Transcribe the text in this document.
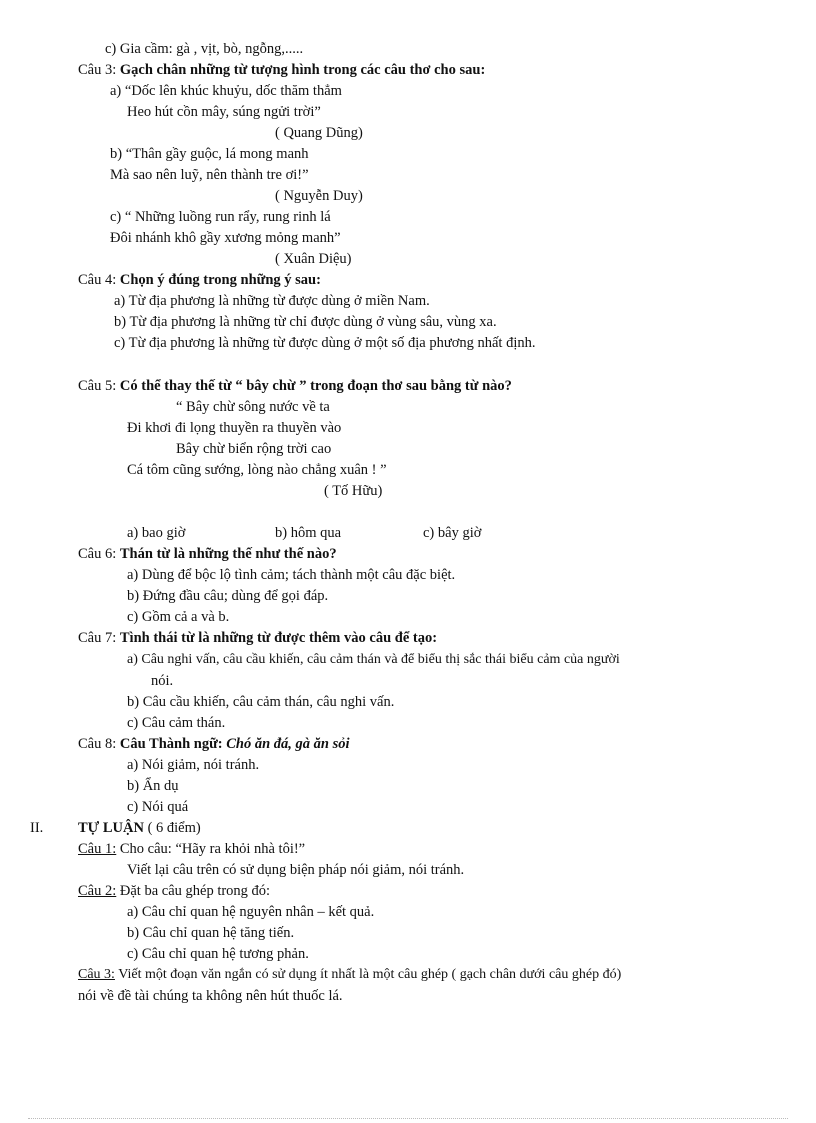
c) Gia cầm: gà , vịt, bò, ngỗng,.....
Câu 3: Gạch chân những từ tượng hình trong các câu thơ cho sau:
a) “Dốc lên khúc khuỷu, dốc thăm thẳm
Heo hút cồn mây, súng ngửi trời”
( Quang Dũng)
b) “Thân gầy guộc, lá mong manh
Mà sao nên luỹ, nên thành tre ơi!”
( Nguyễn Duy)
c) “ Những luồng run rẩy, rung rinh lá
Đôi nhánh khô gầy xương mỏng manh”
( Xuân Diệu)
Câu 4: Chọn ý đúng trong những ý sau:
a) Từ địa phương là những từ được dùng ở miền Nam.
b) Từ địa phương là những từ chỉ được dùng ở vùng sâu, vùng xa.
c) Từ địa phương là những từ được dùng ở một số địa phương nhất định.
Câu 5: Có thể thay thế từ “ bây chừ ” trong đoạn thơ sau bằng từ nào?
“ Bây chừ sông nước về ta
Đi khơi đi lọng thuyền ra thuyền vào
Bây chừ biển rộng trời cao
Cá tôm cũng sướng, lòng nào chẳng xuân ! ”
( Tố Hữu)
a) bao giờ	b) hôm qua	c) bây giờ
Câu 6: Thán từ là những thế như thế nào?
a) Dùng để bộc lộ tình cảm; tách thành một câu đặc biệt.
b) Đứng đầu câu; dùng để gọi đáp.
c) Gồm cả a và b.
Câu 7: Tình thái từ là những từ được thêm vào câu để tạo:
a) Câu nghi vấn, câu cầu khiến, câu cảm thán và để biểu thị sắc thái biểu cảm của người
nói.
b) Câu cầu khiến, câu cảm thán, câu nghi vấn.
c) Câu cảm thán.
Câu 8: Câu Thành ngữ: Chó ăn đá, gà ăn sỏi
a) Nói giảm, nói tránh.
b) Ẩn dụ
c) Nói quá
II. TỰ LUẬN ( 6 điểm)
Câu 1: Cho câu: “Hãy ra khỏi nhà tôi!”
Viết lại câu trên có sử dụng biện pháp nói giảm, nói tránh.
Câu 2: Đặt ba câu ghép trong đó:
a) Câu chỉ quan hệ nguyên nhân – kết quả.
b) Câu chỉ quan hệ tăng tiến.
c) Câu chỉ quan hệ tương phản.
Câu 3: Viết một đoạn văn ngắn có sử dụng ít nhất là một câu ghép ( gạch chân dưới câu ghép đó)
nói về đề tài chúng ta không nên hút thuốc lá.
